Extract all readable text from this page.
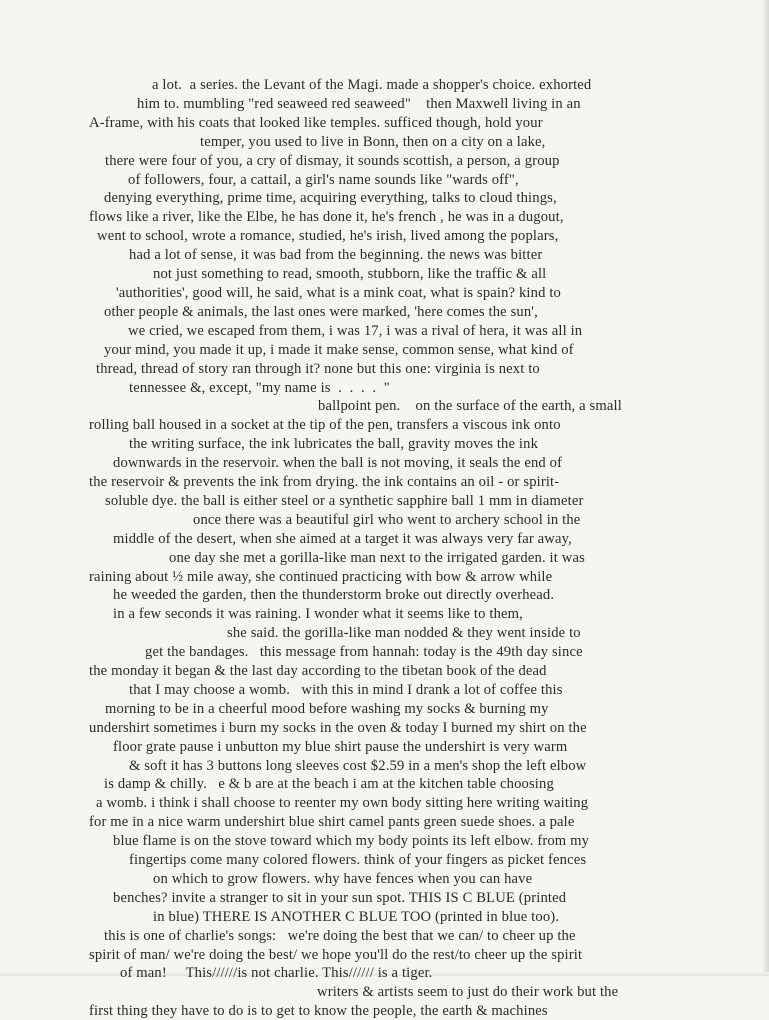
a lot.  a series. the Levant of the Magi. made a shopper's choice. exhorted
him to. mumbling "red seaweed red seaweed"    then Maxwell living in an
A-frame, with his coats that looked like temples. sufficed though, hold your
temper, you used to live in Bonn, then on a city on a lake,
there were four of you, a cry of dismay, it sounds scottish, a person, a group
of followers, four, a cattail, a girl's name sounds like "wards off",
denying everything, prime time, acquiring everything, talks to cloud things,
flows like a river, like the Elbe, he has done it, he's french , he was in a dugout,
went to school, wrote a romance, studied, he's irish, lived among the poplars,
had a lot of sense, it was bad from the beginning. the news was bitter
not just something to read, smooth, stubborn, like the traffic & all
'authorities', good will, he said, what is a mink coat, what is spain? kind to
other people & animals, the last ones were marked, 'here comes the sun',
we cried, we escaped from them, i was 17, i was a rival of hera, it was all in
your mind, you made it up, i made it make sense, common sense, what kind of
thread, thread of story ran through it? none but this one: virginia is next to
tennessee &, except, "my name is  .  .  .  .  "
ballpoint pen.    on the surface of the earth, a small
rolling ball housed in a socket at the tip of the pen, transfers a viscous ink onto
the writing surface, the ink lubricates the ball, gravity moves the ink
downwards in the reservoir. when the ball is not moving, it seals the end of
the reservoir & prevents the ink from drying. the ink contains an oil - or spirit-
soluble dye. the ball is either steel or a synthetic sapphire ball 1 mm in diameter
once there was a beautiful girl who went to archery school in the
middle of the desert, when she aimed at a target it was always very far away,
one day she met a gorilla-like man next to the irrigated garden. it was
raining about ½ mile away, she continued practicing with bow & arrow while
he weeded the garden, then the thunderstorm broke out directly overhead.
in a few seconds it was raining. I wonder what it seems like to them,
she said. the gorilla-like man nodded & they went inside to
get the bandages.   this message from hannah: today is the 49th day since
the monday it began & the last day according to the tibetan book of the dead
that I may choose a womb.   with this in mind I drank a lot of coffee this
morning to be in a cheerful mood before washing my socks & burning my
undershirt sometimes i burn my socks in the oven & today I burned my shirt on the
floor grate pause i unbutton my blue shirt pause the undershirt is very warm
& soft it has 3 buttons long sleeves cost $2.59 in a men's shop the left elbow
is damp & chilly.   e & b are at the beach i am at the kitchen table choosing
a womb. i think i shall choose to reenter my own body sitting here writing waiting
for me in a nice warm undershirt blue shirt camel pants green suede shoes. a pale
blue flame is on the stove toward which my body points its left elbow. from my
fingertips come many colored flowers. think of your fingers as picket fences
on which to grow flowers. why have fences when you can have
benches? invite a stranger to sit in your sun spot. THIS IS C BLUE (printed
in blue) THERE IS ANOTHER C BLUE TOO (printed in blue too).
this is one of charlie's songs:   we're doing the best that we can/ to cheer up the
spirit of man/ we're doing the best/ we hope you'll do the rest/to cheer up the spirit
of man!     This//////is not charlie. This////// is a tiger.
writers & artists seem to just do their work but the
first thing they have to do is to get to know the people, the earth & machines
